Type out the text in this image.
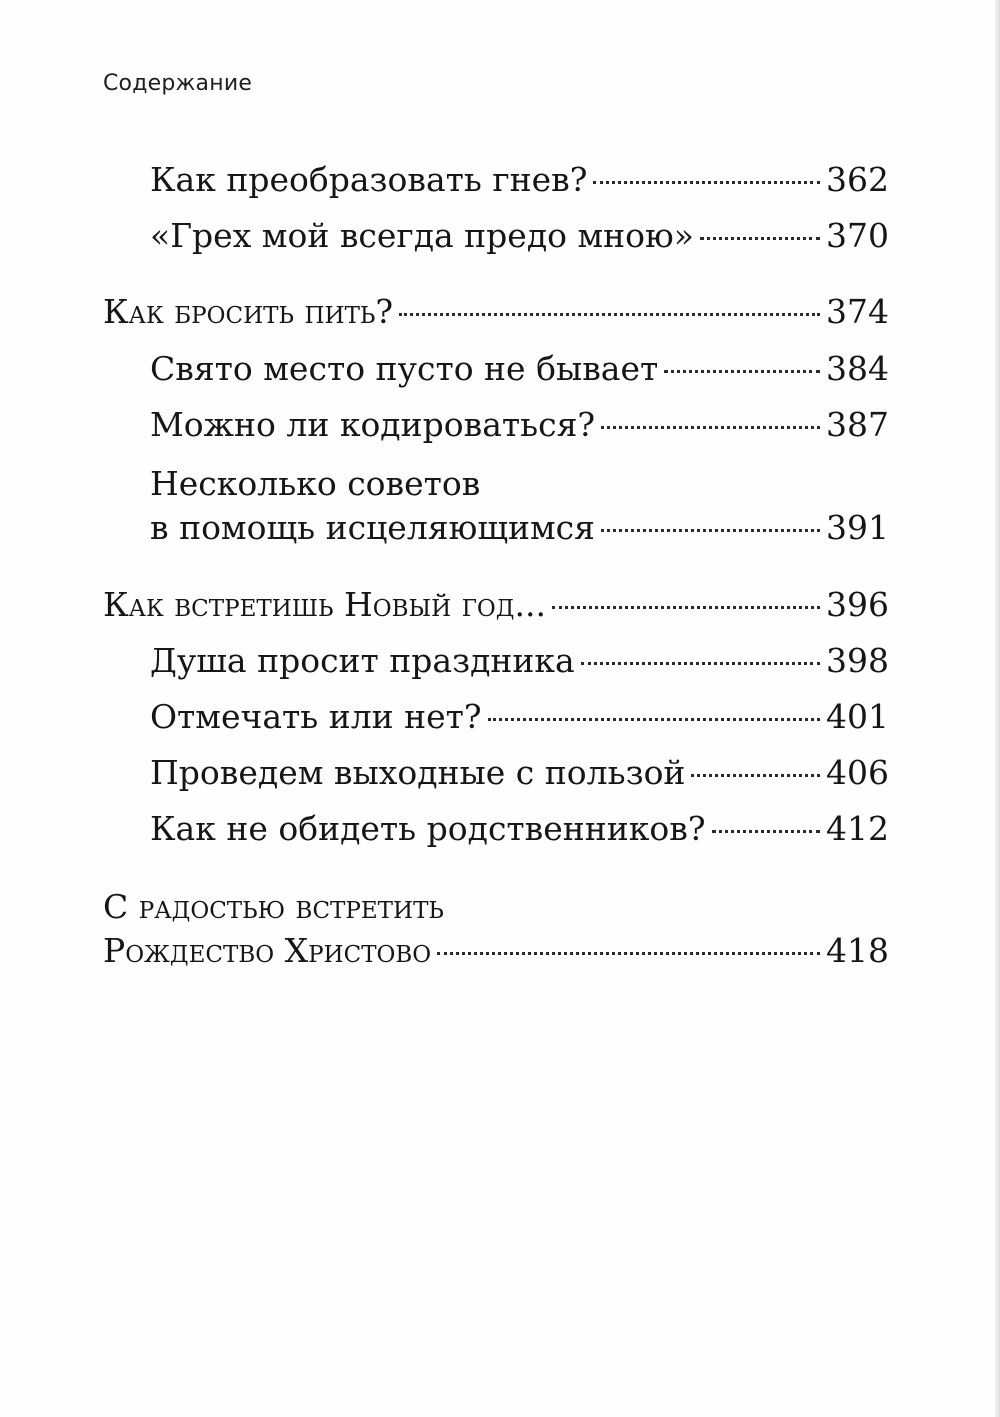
Содержание
Как преобразовать гнев?	362
«Грех мой всегда предо мною»	370
Как бросить пить?	374
Свято место пусто не бывает	384
Можно ли кодироваться?	387
Несколько советов
в помощь исцеляющимся	391
Как встретишь Новый год...	396
Душа просит праздника	398
Отмечать или нет?	401
Проведем выходные с пользой	406
Как не обидеть родственников?	412
С радостью встретить
Рождество Христово	418
